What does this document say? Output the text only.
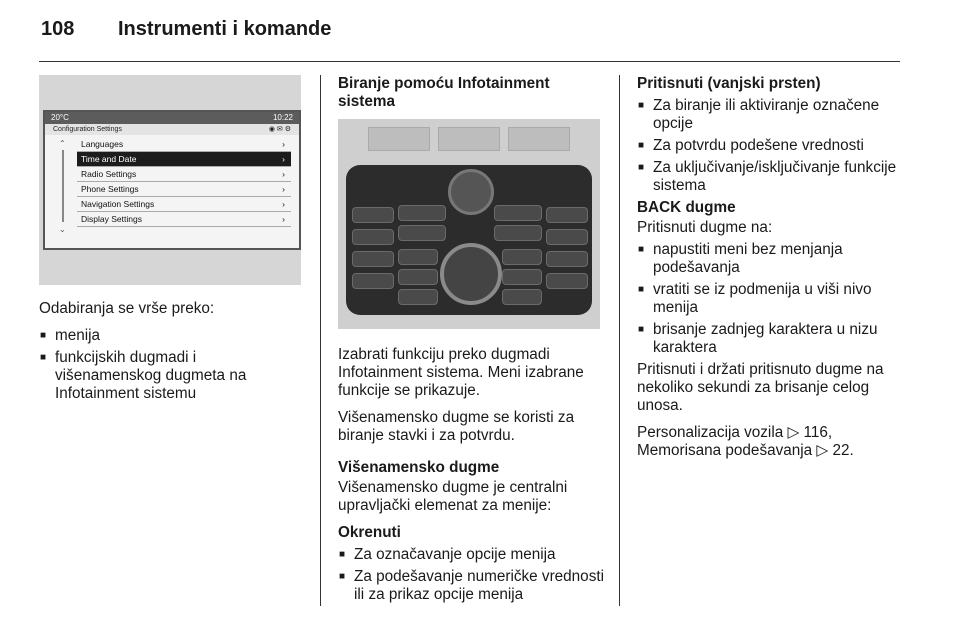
108 Instrumenti i komande
20°C	10:22
Configuration Settings	◉ ✉ ⚙
⌃
⌄
Languages	›
Time and Date	›
Radio Settings	›
Phone Settings	›
Navigation Settings	›
Display Settings	›

Odabiranja se vrše preko:

■ menija
■ funkcijskih dugmadi i višenamenskog dugmeta na Infotainment sistemu
Biranje pomoću Infotainment sistema

Izabrati funkciju preko dugmadi Infotainment sistema. Meni izabrane funkcije se prikazuje.

Višenamensko dugme se koristi za biranje stavki i za potvrdu.

Višenamensko dugme

Višenamensko dugme je centralni upravljački elemenat za menije:

Okrenuti
■ Za označavanje opcije menija
■ Za podešavanje numeričke vrednosti ili za prikaz opcije menija
Pritisnuti (vanjski prsten)
■ Za biranje ili aktiviranje označene opcije
■ Za potvrdu podešene vrednosti
■ Za uključivanje/isključivanje funkcije sistema
BACK dugme

Pritisnuti dugme na:

■ napustiti meni bez menjanja podešavanja
■ vratiti se iz podmenija u viši nivo menija
■ brisanje zadnjeg karaktera u nizu karaktera

Pritisnuti i držati pritisnuto dugme na nekoliko sekundi za brisanje celog unosa.

Personalizacija vozila ▷ 116,
Memorisana podešavanja ▷ 22.
